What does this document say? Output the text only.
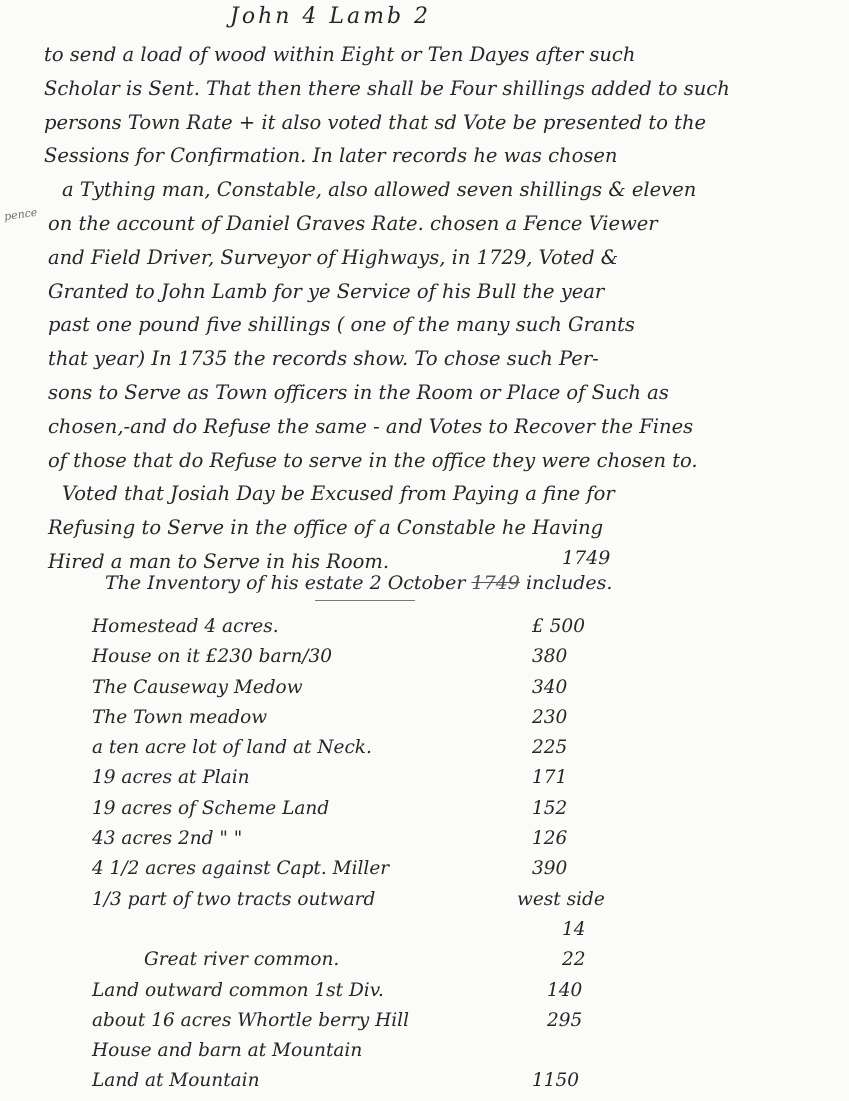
John 4 Lamb 2
pence
to send a load of wood within Eight or Ten Dayes after such
Scholar is Sent. That then there shall be Four shillings added to such
persons Town Rate + it also voted that sd Vote be presented to the
Sessions for Confirmation. In later records he was chosen
a Tything man, Constable, also allowed seven shillings & eleven
on the account of Daniel Graves Rate. chosen a Fence Viewer
and Field Driver, Surveyor of Highways, in 1729, Voted &
Granted to John Lamb for ye Service of his Bull the year
past one pound five shillings ( one of the many such Grants
that year) In 1735 the records show. To chose such Per-
sons to Serve as Town officers in the Room or Place of Such as
chosen,-and do Refuse the same - and Votes to Recover the Fines
of those that do Refuse to serve in the office they were chosen to.
Voted that Josiah Day be Excused from Paying a fine for
Refusing to Serve in the office of a Constable he Having
Hired a man to Serve in his Room.	1749
The Inventory of his estate 2 October 1749 includes.
Homestead 4 acres.	£ 500
House on it £230 barn/30	380
The Causeway Medow	340
The Town meadow	230
a ten acre lot of land at Neck.	225
19 acres at Plain	171
19 acres of Scheme Land	152
43 acres 2nd " "	126
4 1/2 acres against Capt. Miller	390
1/3 part of two tracts outward	west side
14
Great river common.	22
Land outward common 1st Div.	140
about 16 acres Whortle berry Hill	295
House and barn at Mountain
Land at Mountain	1150
